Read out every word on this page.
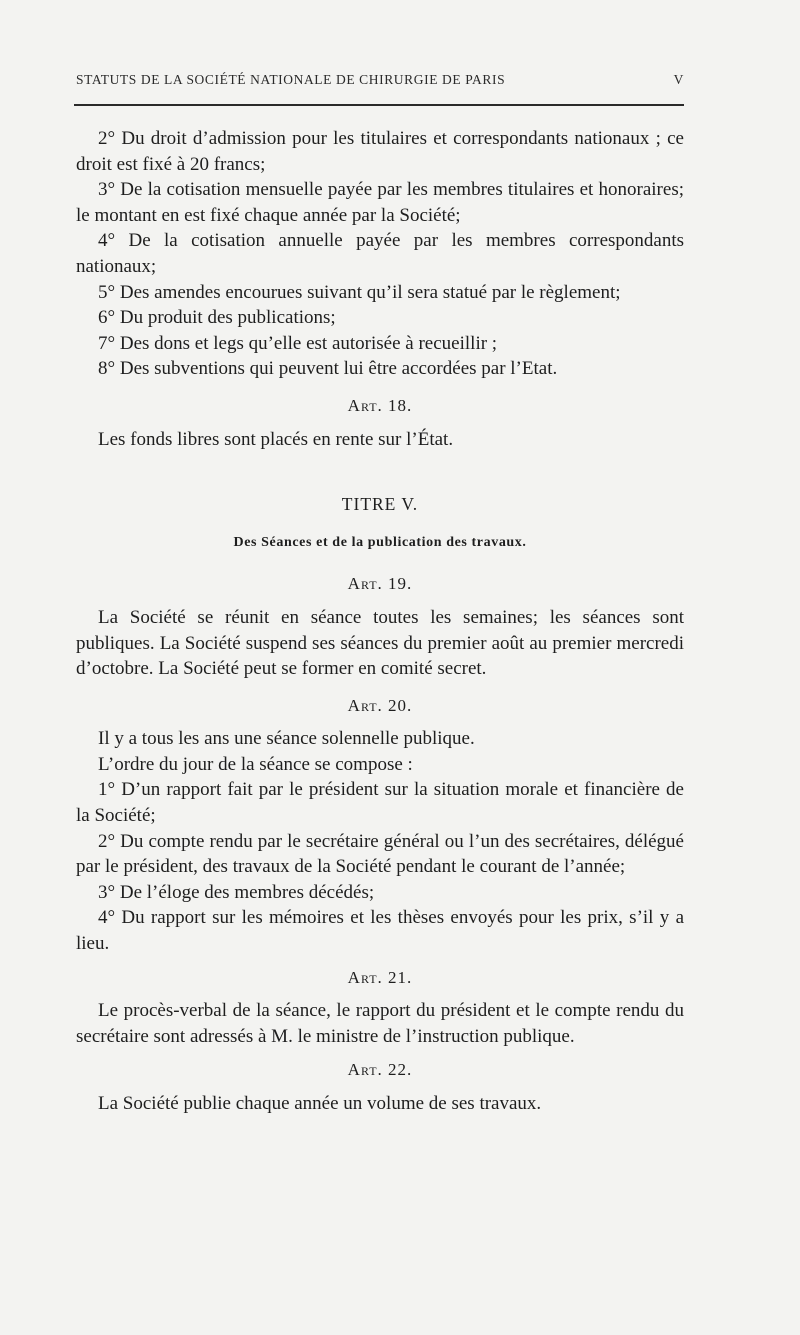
STATUTS DE LA SOCIÉTÉ NATIONALE DE CHIRURGIE DE PARIS	V

2° Du droit d’admission pour les titulaires et correspondants nationaux ; ce droit est fixé à 20 francs;

3° De la cotisation mensuelle payée par les membres titulaires et honoraires; le montant en est fixé chaque année par la Société;

4° De la cotisation annuelle payée par les membres correspondants nationaux;

5° Des amendes encourues suivant qu’il sera statué par le règlement;

6° Du produit des publications;

7° Des dons et legs qu’elle est autorisée à recueillir ;

8° Des subventions qui peuvent lui être accordées par l’Etat.

Art. 18.

Les fonds libres sont placés en rente sur l’État.

TITRE V.
Des Séances et de la publication des travaux.
Art. 19.

La Société se réunit en séance toutes les semaines; les séances sont publiques. La Société suspend ses séances du premier août au premier mercredi d’octobre. La Société peut se former en comité secret.

Art. 20.

Il y a tous les ans une séance solennelle publique.

L’ordre du jour de la séance se compose :

1° D’un rapport fait par le président sur la situation morale et financière de la Société;

2° Du compte rendu par le secrétaire général ou l’un des secrétaires, délégué par le président, des travaux de la Société pendant le courant de l’année;

3° De l’éloge des membres décédés;

4° Du rapport sur les mémoires et les thèses envoyés pour les prix, s’il y a lieu.

Art. 21.

Le procès-verbal de la séance, le rapport du président et le compte rendu du secrétaire sont adressés à M. le ministre de l’instruction publique.

Art. 22.

La Société publie chaque année un volume de ses travaux.
